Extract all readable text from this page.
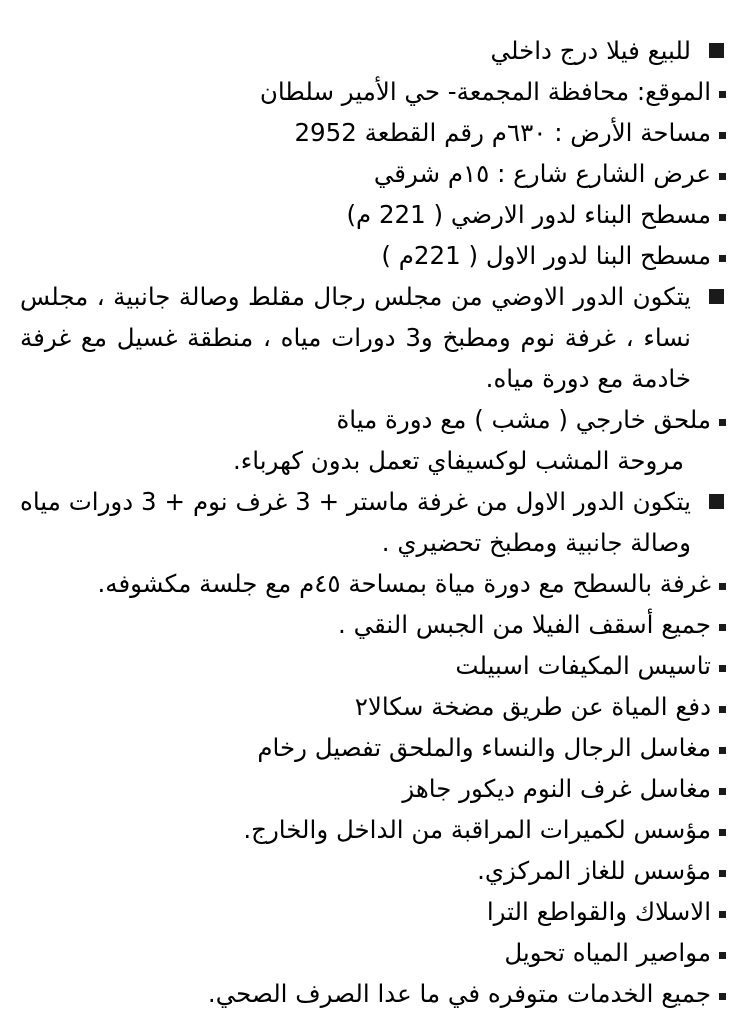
للبيع فيلا درج داخلي
الموقع: محافظة المجمعة- حي الأمير سلطان
مساحة الأرض : ٦٣٠م رقم القطعة 2952
عرض الشارع شارع : ١٥م شرقي
مسطح البناء لدور الارضي ( 221 م)
مسطح البنا لدور الاول ( 221م )
يتكون الدور الاوضي من مجلس رجال مقلط وصالة جانبية ، مجلس نساء ، غرفة نوم ومطبخ و3 دورات مياه ، منطقة غسيل مع غرفة خادمة مع دورة مياه.
ملحق خارجي ( مشب ) مع دورة مياة
مروحة المشب لوكسيفاي تعمل بدون كهرباء.
يتكون الدور الاول من غرفة ماستر + 3 غرف نوم + 3 دورات مياه وصالة جانبية ومطبخ تحضيري .
غرفة بالسطح مع دورة مياة بمساحة ٤٥م مع جلسة مكشوفه.
جميع أسقف الفيلا من الجبس النقي .
تاسيس المكيفات اسبيلت
دفع المياة عن طريق مضخة سكالا٢
مغاسل الرجال والنساء والملحق تفصيل رخام
مغاسل غرف النوم ديكور جاهز
مؤسس لكميرات المراقبة من الداخل والخارج.
مؤسس للغاز المركزي.
الاسلاك والقواطع الترا
مواصير المياه تحويل
جميع الخدمات متوفره في ما عدا الصرف الصحي.
